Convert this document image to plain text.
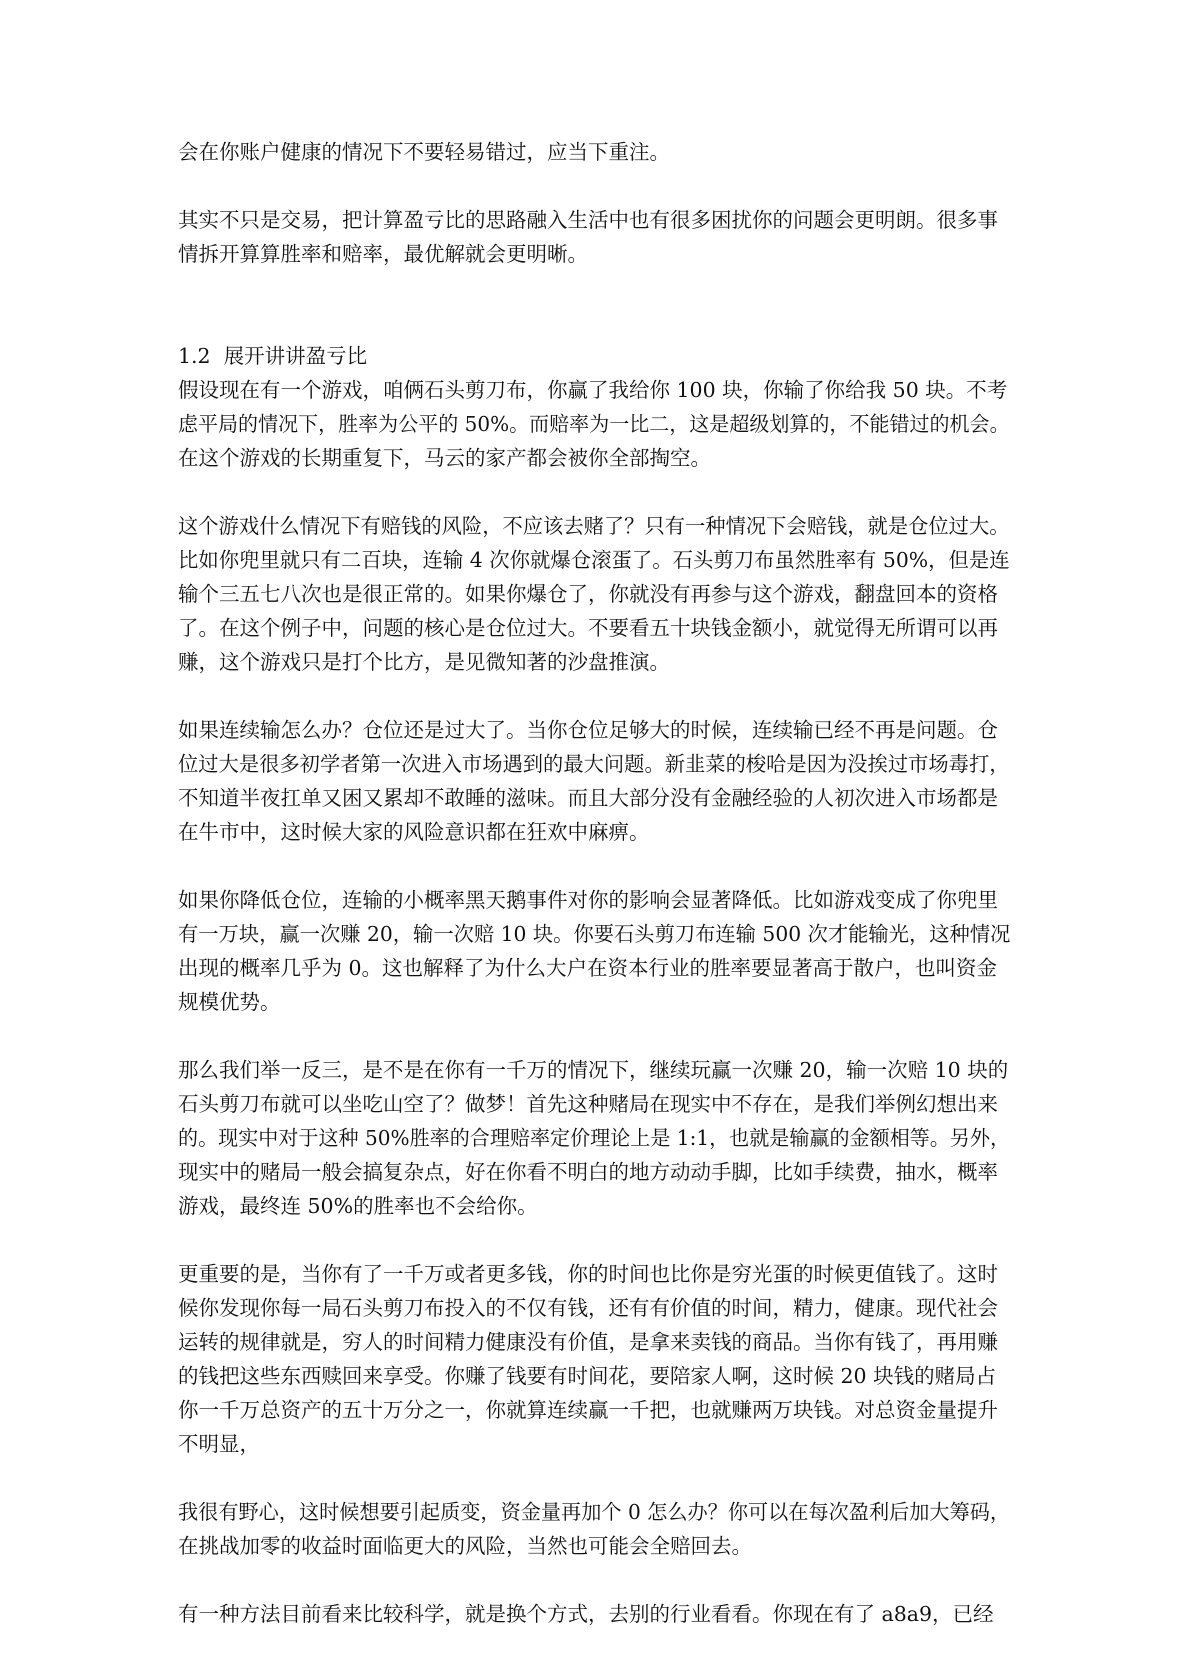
会在你账户健康的情况下不要轻易错过，应当下重注。
其实不只是交易，把计算盈亏比的思路融入生活中也有很多困扰你的问题会更明朗。很多事
情拆开算算胜率和赔率，最优解就会更明晰。
1.2 展开讲讲盈亏比
假设现在有一个游戏，咱俩石头剪刀布，你赢了我给你 100 块，你输了你给我 50 块。不考
虑平局的情况下，胜率为公平的 50%。而赔率为一比二，这是超级划算的，不能错过的机会。
在这个游戏的长期重复下，马云的家产都会被你全部掏空。
这个游戏什么情况下有赔钱的风险，不应该去赌了？只有一种情况下会赔钱，就是仓位过大。
比如你兜里就只有二百块，连输 4 次你就爆仓滚蛋了。石头剪刀布虽然胜率有 50%，但是连
输个三五七八次也是很正常的。如果你爆仓了，你就没有再参与这个游戏，翻盘回本的资格
了。在这个例子中，问题的核心是仓位过大。不要看五十块钱金额小，就觉得无所谓可以再
赚，这个游戏只是打个比方，是见微知著的沙盘推演。
如果连续输怎么办？仓位还是过大了。当你仓位足够大的时候，连续输已经不再是问题。仓
位过大是很多初学者第一次进入市场遇到的最大问题。新韭菜的梭哈是因为没挨过市场毒打，
不知道半夜扛单又困又累却不敢睡的滋味。而且大部分没有金融经验的人初次进入市场都是
在牛市中，这时候大家的风险意识都在狂欢中麻痹。
如果你降低仓位，连输的小概率黑天鹅事件对你的影响会显著降低。比如游戏变成了你兜里
有一万块，赢一次赚 20，输一次赔 10 块。你要石头剪刀布连输 500 次才能输光，这种情况
出现的概率几乎为 0。这也解释了为什么大户在资本行业的胜率要显著高于散户，也叫资金
规模优势。
那么我们举一反三，是不是在你有一千万的情况下，继续玩赢一次赚 20，输一次赔 10 块的
石头剪刀布就可以坐吃山空了？做梦！首先这种赌局在现实中不存在，是我们举例幻想出来
的。现实中对于这种 50%胜率的合理赔率定价理论上是 1:1，也就是输赢的金额相等。另外，
现实中的赌局一般会搞复杂点，好在你看不明白的地方动动手脚，比如手续费，抽水，概率
游戏，最终连 50%的胜率也不会给你。
更重要的是，当你有了一千万或者更多钱，你的时间也比你是穷光蛋的时候更值钱了。这时
候你发现你每一局石头剪刀布投入的不仅有钱，还有有价值的时间，精力，健康。现代社会
运转的规律就是，穷人的时间精力健康没有价值，是拿来卖钱的商品。当你有钱了，再用赚
的钱把这些东西赎回来享受。你赚了钱要有时间花，要陪家人啊，这时候 20 块钱的赌局占
你一千万总资产的五十万分之一，你就算连续赢一千把，也就赚两万块钱。对总资金量提升
不明显，
我很有野心，这时候想要引起质变，资金量再加个 0 怎么办？你可以在每次盈利后加大筹码，
在挑战加零的收益时面临更大的风险，当然也可能会全赔回去。
有一种方法目前看来比较科学，就是换个方式，去别的行业看看。你现在有了 a8a9，已经
